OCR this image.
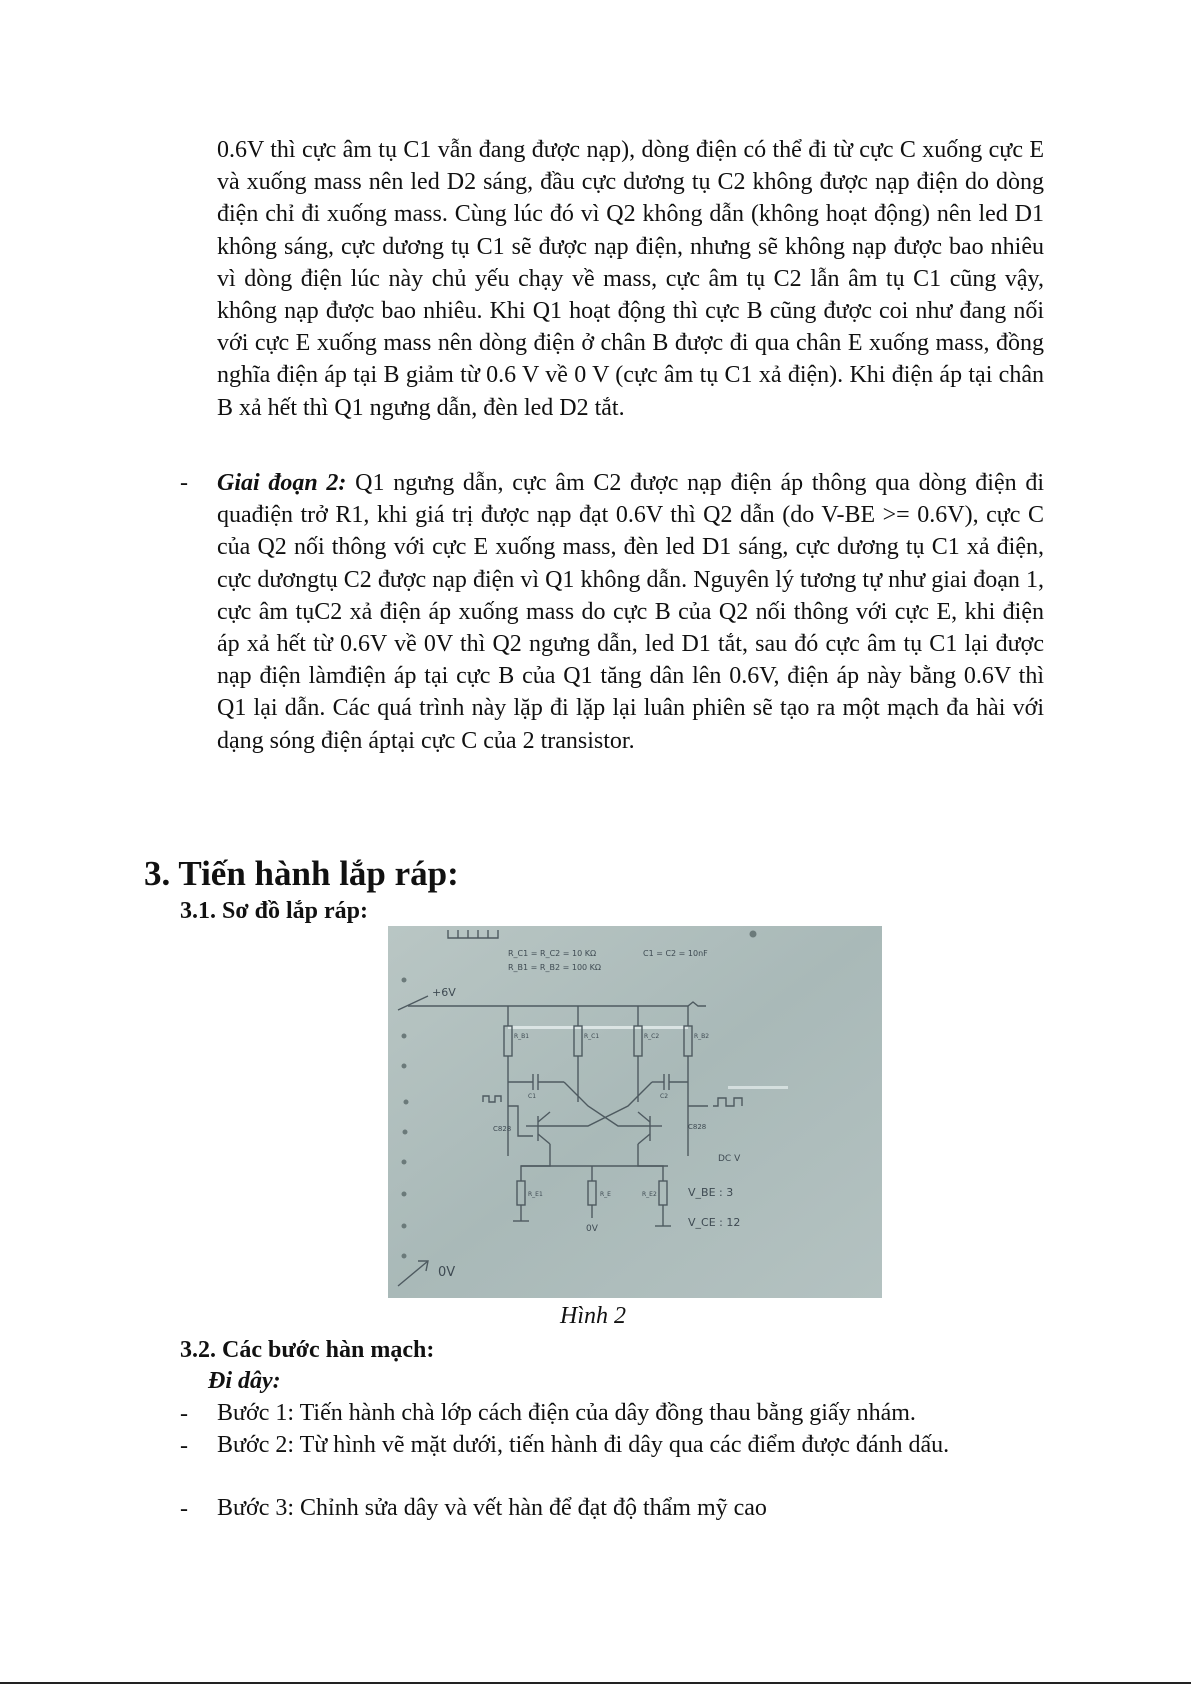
0.6V thì cực âm tụ C1 vẫn đang được nạp), dòng điện có thể đi từ cực C xuống cực E và xuống mass nên led D2 sáng, đầu cực dương tụ C2 không được nạp điện do dòng điện chỉ đi xuống mass. Cùng lúc đó vì Q2 không dẫn (không hoạt động) nên led D1 không sáng, cực dương tụ C1 sẽ được nạp điện, nhưng sẽ không nạp được bao nhiêu vì dòng điện lúc này chủ yếu chạy về mass, cực âm tụ C2 lẫn âm tụ C1 cũng vậy, không nạp được bao nhiêu. Khi Q1 hoạt động thì cực B cũng được coi như đang nối với cực E xuống mass nên dòng điện ở chân B được đi qua chân E xuống mass, đồng nghĩa điện áp tại B giảm từ 0.6 V về 0 V (cực âm tụ C1 xả điện). Khi điện áp tại chân B xả hết thì Q1 ngưng dẫn, đèn led D2 tắt.
- Giai đoạn 2: Q1 ngưng dẫn, cực âm C2 được nạp điện áp thông qua dòng điện đi quađiện trở R1, khi giá trị được nạp đạt 0.6V thì Q2 dẫn (do V-BE >= 0.6V), cực C của Q2 nối thông với cực E xuống mass, đèn led D1 sáng, cực dương tụ C1 xả điện, cực dươngtụ C2 được nạp điện vì Q1 không dẫn. Nguyên lý tương tự như giai đoạn 1, cực âm tụC2 xả điện áp xuống mass do cực B của Q2 nối thông với cực E, khi điện áp xả hết từ 0.6V về 0V thì Q2 ngưng dẫn, led D1 tắt, sau đó cực âm tụ C1 lại được nạp điện làmđiện áp tại cực B của Q1 tăng dân lên 0.6V, điện áp này bằng 0.6V thì Q1 lại dẫn. Các quá trình này lặp đi lặp lại luân phiên sẽ tạo ra một mạch đa hài với dạng sóng điện áptại cực C của 2 transistor.
3. Tiến hành lắp ráp:
3.1. Sơ đồ lắp ráp:
+6V
0V
0V
R_C1 = R_C2 = 10 KΩ
R_B1 = R_B2 = 100 KΩ
C1 = C2 = 10nF
C828	C828
DC V
V_BE : 3
V_CE : 12
R_B1	R_C1	R_C2	R_B2
R_E1	R_E	R_E2
C1	C2
Hình 2
3.2. Các bước hàn mạch:
Đi dây:
- Bước 1: Tiến hành chà lớp cách điện của dây đồng thau bằng giấy nhám.
- Bước 2: Từ hình vẽ mặt dưới, tiến hành đi dây qua các điểm được đánh dấu.
- Bước 3: Chỉnh sửa dây và vết hàn để đạt độ thẩm mỹ cao
